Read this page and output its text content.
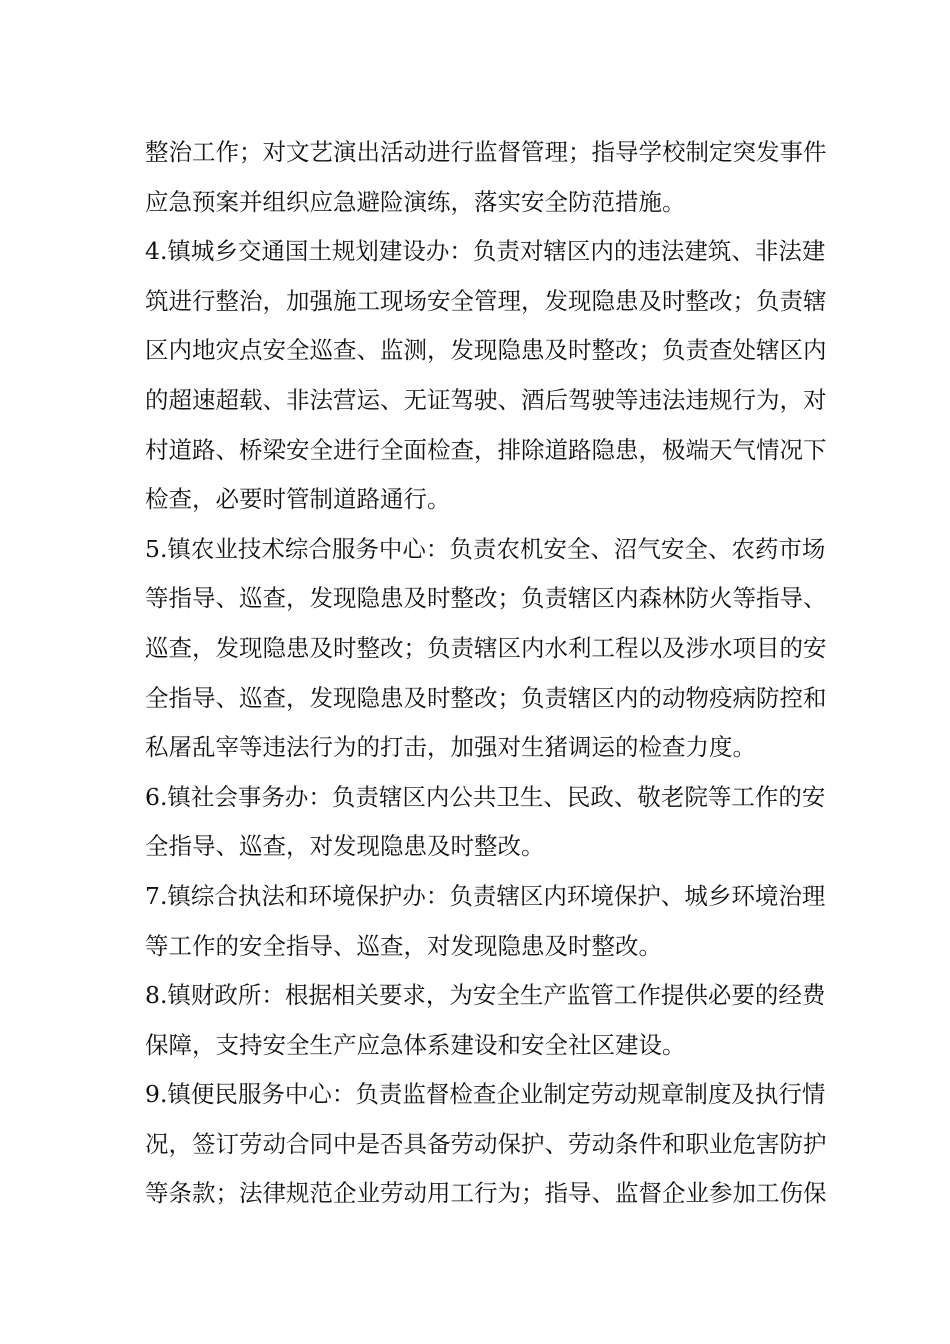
整治工作；对文艺演出活动进行监督管理；指导学校制定突发事件
应急预案并组织应急避险演练，落实安全防范措施。
4.镇城乡交通国土规划建设办：负责对辖区内的违法建筑、非法建
筑进行整治，加强施工现场安全管理，发现隐患及时整改；负责辖
区内地灾点安全巡查、监测，发现隐患及时整改；负责查处辖区内
的超速超载、非法营运、无证驾驶、酒后驾驶等违法违规行为，对
村道路、桥梁安全进行全面检查，排除道路隐患，极端天气情况下
检查，必要时管制道路通行。
5.镇农业技术综合服务中心：负责农机安全、沼气安全、农药市场
等指导、巡查，发现隐患及时整改；负责辖区内森林防火等指导、
巡查，发现隐患及时整改；负责辖区内水利工程以及涉水项目的安
全指导、巡查，发现隐患及时整改；负责辖区内的动物疫病防控和
私屠乱宰等违法行为的打击，加强对生猪调运的检查力度。
6.镇社会事务办：负责辖区内公共卫生、民政、敬老院等工作的安
全指导、巡查，对发现隐患及时整改。
7.镇综合执法和环境保护办：负责辖区内环境保护、城乡环境治理
等工作的安全指导、巡查，对发现隐患及时整改。
8.镇财政所：根据相关要求，为安全生产监管工作提供必要的经费
保障，支持安全生产应急体系建设和安全社区建设。
9.镇便民服务中心：负责监督检查企业制定劳动规章制度及执行情
况，签订劳动合同中是否具备劳动保护、劳动条件和职业危害防护
等条款；法律规范企业劳动用工行为；指导、监督企业参加工伤保
